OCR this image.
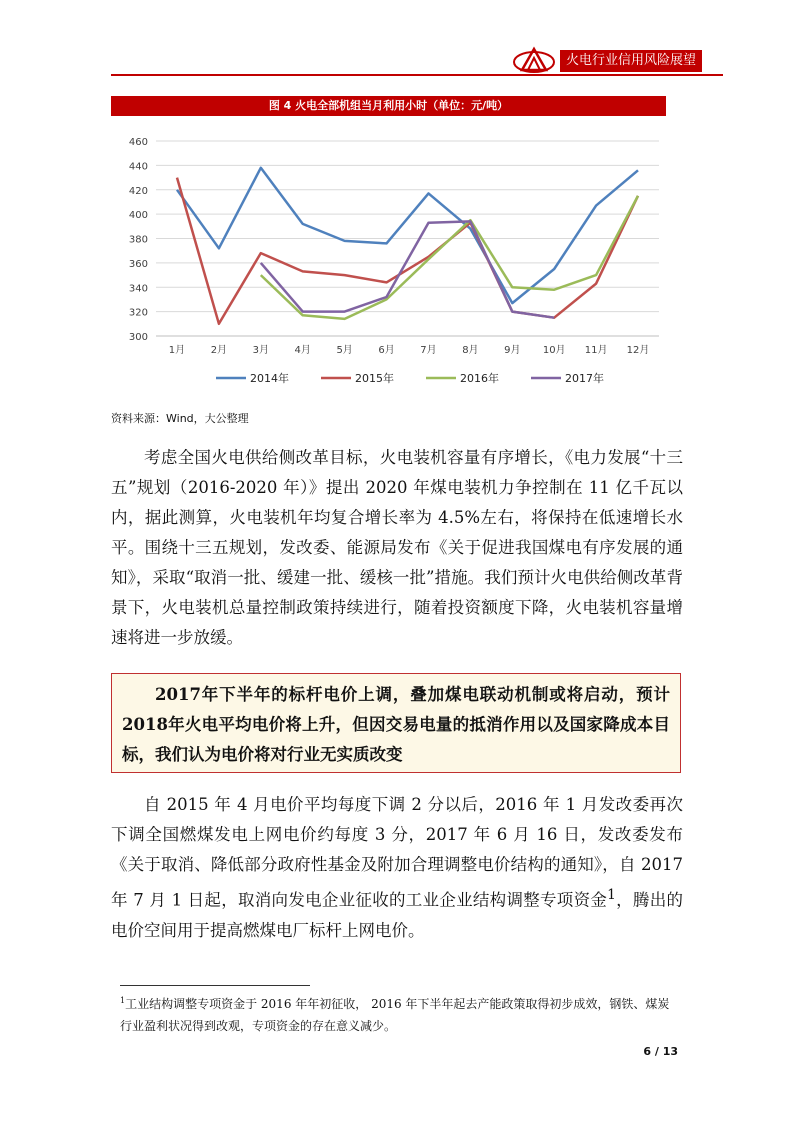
火电行业信用风险展望
图 4 火电全部机组当月利用小时（单位：元/吨）
300
320
340
360
380
400
420
440
460
1月	2月	3月	4月	5月	6月	7月	8月	9月 10月 11月 12月
2014年	2015年	2016年	2017年
资料来源：Wind，大公整理

考虑全国火电供给侧改革目标，火电装机容量有序增长，《电力发展“十三五”规划（2016-2020 年）》提出 2020 年煤电装机力争控制在 11 亿千瓦以内，据此测算，火电装机年均复合增长率为 4.5%左右，将保持在低速增长水平。围绕十三五规划，发改委、能源局发布《关于促进我国煤电有序发展的通知》，采取“取消一批、缓建一批、缓核一批”措施。我们预计火电供给侧改革背景下，火电装机总量控制政策持续进行，随着投资额度下降，火电装机容量增速将进一步放缓。

2017年下半年的标杆电价上调，叠加煤电联动机制或将启动，预计2018年火电平均电价将上升，但因交易电量的抵消作用以及国家降成本目标，我们认为电价将对行业无实质改变

自 2015 年 4 月电价平均每度下调 2 分以后，2016 年 1 月发改委再次下调全国燃煤发电上网电价约每度 3 分，2017 年 6 月 16 日，发改委发布《关于取消、降低部分政府性基金及附加合理调整电价结构的通知》，自 2017 年 7 月 1 日起，取消向发电企业征收的工业企业结构调整专项资金$^1$，腾出的电价空间用于提高燃煤电厂标杆上网电价。

$^1$工业结构调整专项资金于 2016 年年初征收， 2016 年下半年起去产能政策取得初步成效，钢铁、煤炭行业盈利状况得到改观，专项资金的存在意义减少。

6 / 13
